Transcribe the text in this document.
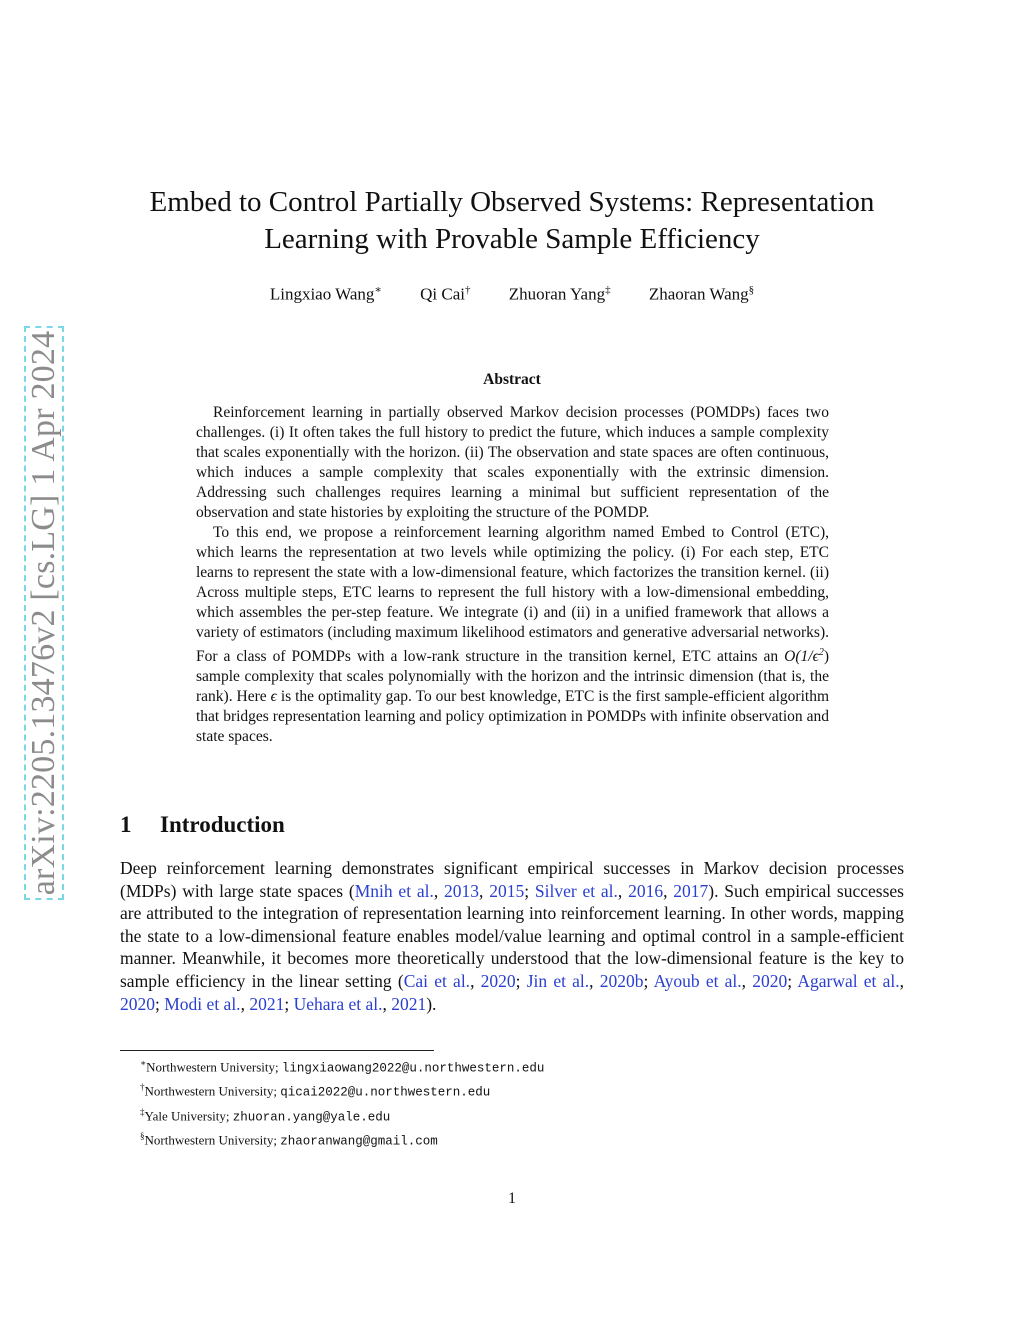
arXiv:2205.13476v2 [cs.LG] 1 Apr 2024
Embed to Control Partially Observed Systems: Representation
Learning with Provable Sample Efficiency
Lingxiao Wang∗ Qi Cai† Zhuoran Yang‡ Zhaoran Wang§
Abstract

Reinforcement learning in partially observed Markov decision processes (POMDPs) faces two challenges. (i) It often takes the full history to predict the future, which induces a sample complexity that scales exponentially with the horizon. (ii) The observation and state spaces are often continuous, which induces a sample complexity that scales exponentially with the extrinsic dimension. Addressing such challenges requires learning a minimal but sufficient representation of the observation and state histories by exploiting the structure of the POMDP.

To this end, we propose a reinforcement learning algorithm named Embed to Control (ETC), which learns the representation at two levels while optimizing the policy. (i) For each step, ETC learns to represent the state with a low-dimensional feature, which factorizes the transition kernel. (ii) Across multiple steps, ETC learns to represent the full history with a low-dimensional embedding, which assembles the per-step feature. We integrate (i) and (ii) in a unified framework that allows a variety of estimators (including maximum likelihood estimators and generative adversarial networks). For a class of POMDPs with a low-rank structure in the transition kernel, ETC attains an $O(1/\epsilon^2)$ sample complexity that scales polynomially with the horizon and the intrinsic dimension (that is, the rank). Here ϵ is the optimality gap. To our best knowledge, ETC is the first sample-efficient algorithm that bridges representation learning and policy optimization in POMDPs with infinite observation and state spaces.

1 Introduction

Deep reinforcement learning demonstrates significant empirical successes in Markov decision processes (MDPs) with large state spaces (Mnih et al., 2013, 2015; Silver et al., 2016, 2017). Such empirical successes are attributed to the integration of representation learning into reinforcement learning. In other words, mapping the state to a low-dimensional feature enables model/value learning and optimal control in a sample-efficient manner. Meanwhile, it becomes more theoretically understood that the low-dimensional feature is the key to sample efficiency in the linear setting (Cai et al., 2020; Jin et al., 2020b; Ayoub et al., 2020; Agarwal et al., 2020; Modi et al., 2021; Uehara et al., 2021).

∗Northwestern University; lingxiaowang2022@u.northwestern.edu
†Northwestern University; qicai2022@u.northwestern.edu
‡Yale University; zhuoran.yang@yale.edu
§Northwestern University; zhaoranwang@gmail.com
1
